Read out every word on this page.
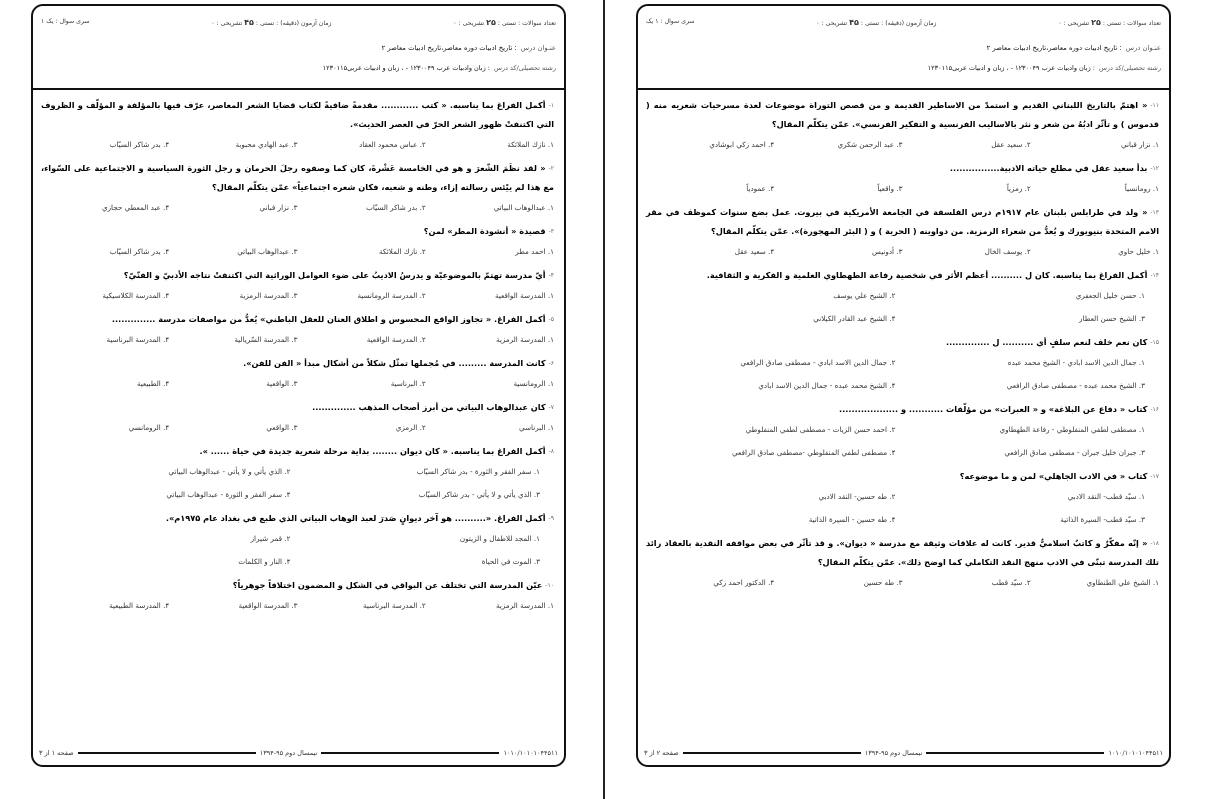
تعداد سوالات : تستی : ۲۵ تشریحی : ۰
زمان آزمون (دقیقه) : تستی : ۴۵ تشریحی : ۰
سری سوال : یک ۱
عنـوان درس: تاریخ ادبیات دوره معاصر،تاریخ ادبیات معاصر ۲
رشته تحصیلی/کد درس: زبان وادبیات عرب ۱۲۳۰۰۴۹ - ، زبان و ادبیات عربی۱۲۳۰۱۱۵
$^{۱-}$أكمل الفراغ بما يناسبه. « كتب ............ مقدمةً ضافيةً لكتاب قضايا الشعر المعاصر، عرّف فيها بالمؤلفة و المؤلّف و الظروف التي اكتنفتْ ظهور الشعر الحرّ في العصر الحديث».
۱. نازك الملائكة
۲. عباس محمود العقاد
۳. عبد الهادي محبوبة
۴. بدر شاكر السيّاب
$^{۲-}$« لقد نظَمَ الشّعرَ و هو في الخامسة عَشْرةَ، كان كما وصفوه رجلَ الحرمان و رجل الثورة السياسية و الاجتماعية على السّواء، مع هذا لم ييْئس رسالته إزاء، وطنه و شعبه، فكان شعره اجتماعياً» عمّن يتكلّم المقال؟
۱. عبدالوهاب البياتي
۲. بدر شاكر السيّاب
۳. نزار قباني
۴. عبد المعطي حجازي
$^{۳-}$قصيدة « أنشودة المطر» لمن؟
۱. احمد مطر
۲. نازك الملائكة
۳. عبدالوهاب البياتي
۴. بدر شاكر السيّاب
$^{۴-}$أيّ مدرسة تهتمّ بالموضوعيّة و يدرسُ الاديبُ على ضوء العوامل الوراثية التي اكتنفتْ نتاجه الأدبيّ و الفنّيّ؟
۱. المدرسة الواقعية
۲. المدرسة الرومانسية
۳. المدرسة الرمزية
۴. المدرسة الكلاسيكية
$^{۵-}$أكمل الفراغ. « تجاوز الواقع المحسوس و اطلاق العنان للعقل الباطني» يُعدُّ من مواصفات مدرسة ..............
۱. المدرسة الرمزية
۲. المدرسة الواقعية
۳. المدرسة السّريالية
۴. المدرسة البرناسية
$^{۶-}$كانت المدرسة ......... في مُجملها تمثّل شكلاً من أشكال مبدأ « الفن للفن».
۱. الرومانسية
۲. البرناسية
۳. الواقعية
۴. الطبيعية
$^{۷-}$كان عبدالوهاب البياتي من أبرز أصحاب المذهب ..............
۱. البرناسي
۲. الرمزي
۳. الواقعي
۴. الرومانسي
$^{۸-}$أكمل الفراغ بما يناسبه. « كان ديوان ........ بداية مرحلة شعرية جديدة في حياة ...... ».
۱. سفر الفقر و الثورة - بدر شاكر السيّاب
۲. الذي يأتي و لا يأتي - عبدالوهاب البياتي
۳. الذي يأتي و لا يأتي - بدر شاكر السيّاب
۴. سفر الفقر و الثورة - عبدالوهاب البياتي
$^{۹-}$أكمل الفراغ. «.......... هو آخر ديوانٍ صَدرَ لعبد الوهاب البياتي الذي طبع في بغداد عام ۱۹۷۵م».
۱. المجد للاطفال و الزيتون
۲. قمر شيراز
۳. الموت في الحياة
۴. النار و الكلمات
$^{۱۰-}$عيّن المدرسة التي تختلف عن البواقي في الشكل و المضمون اختلافاً جوهرياً؟
۱. المدرسة الرمزية
۲. المدرسة البرناسية
۳. المدرسة الواقعية
۴. المدرسة الطبيعية
۱۰۱۰/۱۰۱۰۱۰۴۴۵۱۱
نیمسال دوم ۹۵-۱۳۹۴
صفحه ۱ از ۳
تعداد سوالات : تستی : ۲۵ تشریحی : ۰
زمان آزمون (دقیقه) : تستی : ۴۵ تشریحی : ۰
سری سوال : ۱ یک
عنـوان درس: تاریخ ادبیات دوره معاصر،تاریخ ادبیات معاصر ۲
رشته تحصیلی/کد درس: زبان وادبیات عرب ۱۲۳۰۰۴۹ - ، زبان و ادبیات عربی۱۲۳۰۱۱۵
$^{۱۱-}$« اهتمّ بالتاريخ اللبناني القديم و استمدّ من الاساطير القديمة و من قصص التوراة موضوعات لعدة مسرحيات شعريه منه ( قدموس ) و تأثّر ادبُهُ من شعر و نثر بالاساليب الفرنسية و التفكير الفرنسي». عمّن يتكلّم المقال؟
۱. نزار قباني
۲. سعيد عقل
۳. عبد الرحمن شكري
۴. احمد زكي ابوشادي
$^{۱۲-}$بدأ سعيد عقل في مطلع حياته الادبية................
۱. رومانسياً
۲. رمزياً
۳. واقعياً
۴. عمودياً
$^{۱۳-}$« ولد في طرابلس بلبنان عام ۱۹۱۷م درس الفلسفة في الجامعة الأمريكية في بيروت. عمل بضع سنوات كموظف في مقر الامم المتحدة بنيويورك و يُعدُّ من شعراء الرمزية. من دواوينه ( الحرية ) و ( البئر المهجورة)». عمّن يتكلّم المقال؟
۱. خليل حاوي
۲. يوسف الخال
۳. أدونيس
۴. سعيد عقل
$^{۱۴-}$أكمل الفراغ بما يناسبه. كان ل .......... أعظم الأثر في شخصية رفاعة الطهطاوي العلمية و الفكرية و الثقافية.
۱. حسن خليل الجعفري
۲. الشيخ علي يوسف
۳. الشيخ حسن العطار
۴. الشيخ عبد القادر الكيلاني
$^{۱۵-}$كان نعم خلف لنعم سلفٍ أي .......... ل ..............
۱. جمال الدين الاسد ابادي - الشيخ محمد عبده
۲. جمال الدين الاسد ابادي - مصطفى صادق الرافعي
۳. الشيخ محمد عبده - مصطفى صادق الرافعي
۴. الشيخ محمد عبده - جمال الدين الاسد ابادي
$^{۱۶-}$كتاب « دفاع عن البلاغة» و « العبرات» من مؤلّفات ........... و ...................
۱. مصطفى لطفي المنفلوطي - رفاعة الطهطاوي
۲. احمد حسن الزيات - مصطفى لطفي المنفلوطي
۳. جبران خليل جبران - مصطفى صادق الرافعي
۴. مصطفى لطفي المنفلوطي -مصطفى صادق الرافعي
$^{۱۷-}$كتاب « في الادب الجاهلي» لمن و ما موضوعه؟
۱. سيّد قطب- النقد الادبي
۲. طه حسين- النقد الادبي
۳. سيّد قطب- السيرة الذاتية
۴. طه حسين - السيرة الذاتية
$^{۱۸-}$« إنّه مفكّرٌ و كاتبٌ اسلاميٌّ قدير. كانت له علاقات وثيقة مع مدرسة « ديوان». و قد تأثّر في بعض مواقفه النقدية بالعقاد رائد تلك المدرسة تبنّى في الادب منهج النقد التكاملي كما اوضح ذلك». عمّن يتكلّم المقال؟
۱. الشيخ علي الطنطاوي
۲. سيّد قطب
۳. طه حسين
۴. الدكتور احمد زكي
۱۰۱۰/۱۰۱۰۱۰۴۴۵۱۱
نیمسال دوم ۹۵-۱۳۹۴
صفحه ۲ از ۳
